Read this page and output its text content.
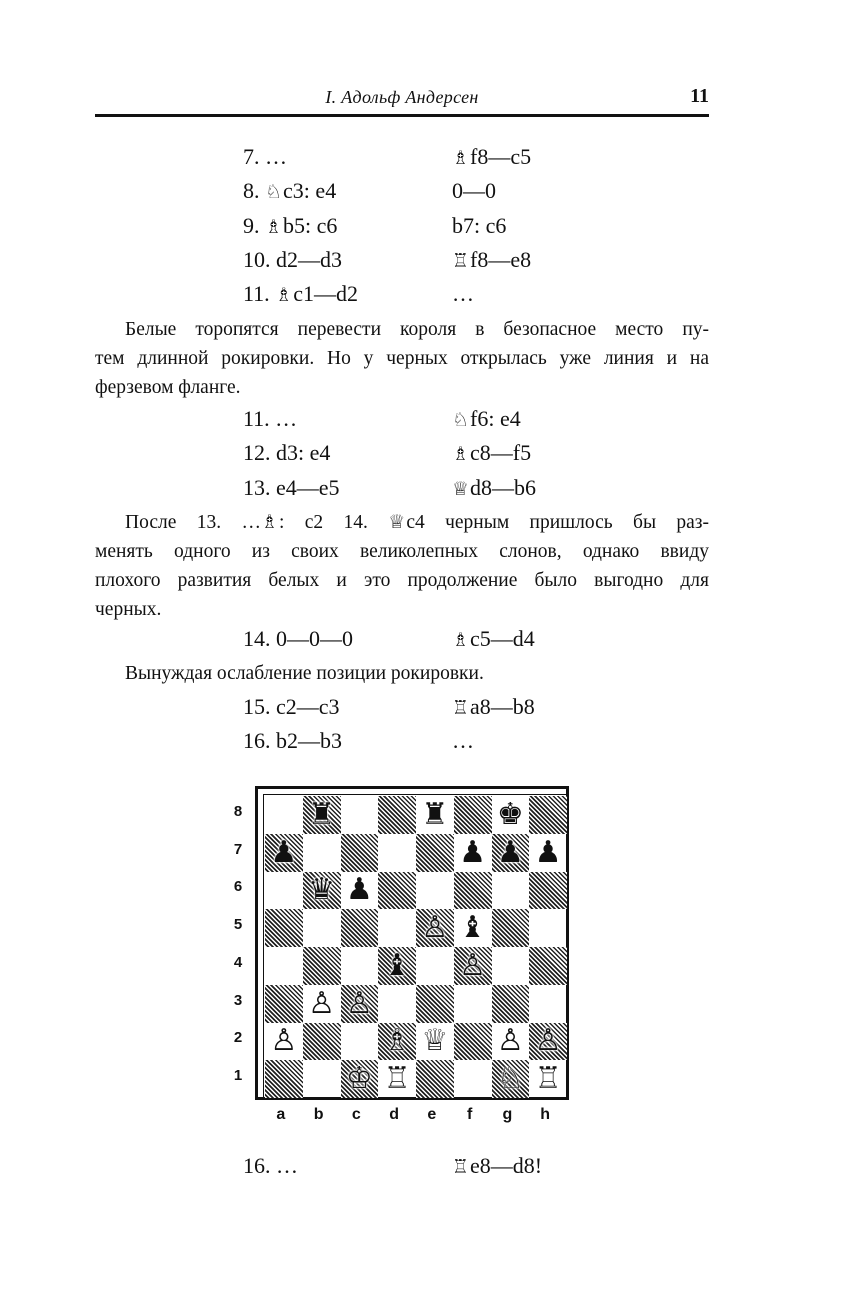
I. Адольф Андерсен	11
7. …	♗f8—c5
8. ♘c3: e4	0—0
9. ♗b5: c6	b7: c6
10. d2—d3	♖f8—e8
11. ♗c1—d2	…
Белые торопятся перевести короля в безопасное место пу-
тем длинной рокировки. Но у черных открылась уже линия и на
ферзевом фланге.
11. …	♘f6: e4
12. d3: e4	♗c8—f5
13. e4—e5	♕d8—b6
После 13. …♗: c2 14. ♕c4 черным пришлось бы раз-
менять одного из своих великолепных слонов, однако ввиду
плохого развития белых и это продолжение было выгодно для
черных.
14. 0—0—0	♗c5—d4
Вынуждая ослабление позиции рокировки.
15. c2—c3	♖a8—b8
16. b2—b3	…
♜	♜ ♚
♟	♟ ♟ ♟
♛ ♟
♙ ♝
♝ ♙
♙ ♙
♙	♗ ♕ ♙ ♙
♔ ♖	♘ ♖
8
7
6
5
4
3
2
1
a	b	c	d	e	f	g	h
16. …	♖e8—d8!
